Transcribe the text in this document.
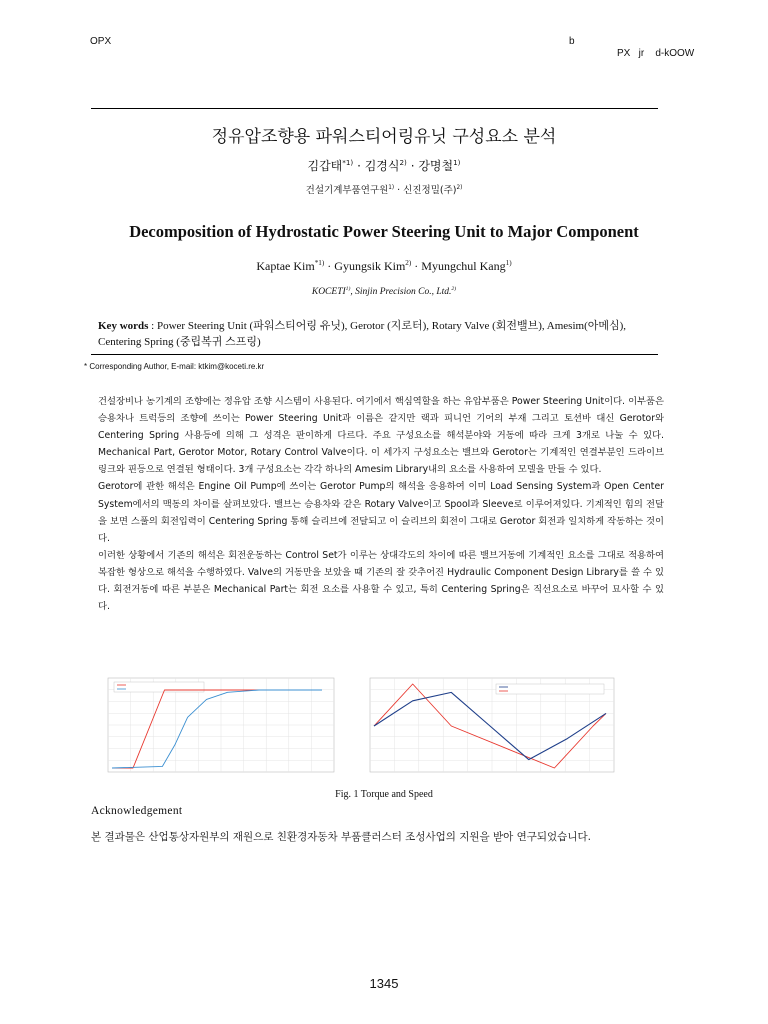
OPX	b
PX   jr    d-kOOW
정유압조향용 파워스티어링유닛 구성요소 분석
김갑태$^{*1)}$ · 김경식$^{2)}$ · 강명철$^{1)}$
건설기계부품연구원$^{1)}$ · 신진정밀(주)$^{2)}$
Decomposition of Hydrostatic Power Steering Unit to Major Component
Kaptae Kim$^{*1)}$ · Gyungsik Kim$^{2)}$ · Myungchul Kang$^{1)}$
KOCETI$^{1)}$, Sinjin Precision Co., Ltd.$^{2)}$
Key words : Power Steering Unit (파워스티어링 유닛), Gerotor (지로터), Rotary Valve (회전밸브), Amesim(아메심), Centering Spring (중립복귀 스프링)
* Corresponding Author, E-mail: ktkim@koceti.re.kr

건설장비나 농기계의 조향에는 정유압 조향 시스템이 사용된다. 여기에서 핵심역할을 하는 유압부품은 Power Steering Unit이다. 이부품은 승용차나 트럭등의 조향에 쓰이는 Power Steering Unit과 이름은 같지만 랙과 피니언 기어의 부재 그리고 토션바 대신 Gerotor와 Centering Spring 사용등에 의해 그 성격은 판이하게 다르다. 주요 구성요소를 해석분야와 거동에 따라 크게 3개로 나눌 수 있다. Mechanical Part, Gerotor Motor, Rotary Control Valve이다. 이 세가지 구성요소는 밸브와 Gerotor는 기계적인 연결부분인 드라이브링크와 핀등으로 연결된 형태이다. 3개 구성요소는 각각 하나의 Amesim Library내의 요소를 사용하여 모델을 만들 수 있다.

Gerotor에 관한 해석은 Engine Oil Pump에 쓰이는 Gerotor Pump의 해석을 응용하여 이미 Load Sensing System과 Open Center System에서의 맥동의 차이를 살펴보았다. 밸브는 승용차와 같은 Rotary Valve이고 Spool과 Sleeve로 이루어져있다. 기계적인 힘의 전달을 보면 스풀의 회전입력이 Centering Spring 통해 슬리브에 전달되고 이 슬리브의 회전이 그대로 Gerotor 회전과 일치하게 작동하는 것이다.

이러한 상황에서 기존의 해석은 회전운동하는 Control Set가 이루는 상대각도의 차이에 따른 밸브거동에 기계적인 요소를 그대로 적용하여 복잡한 형상으로 해석을 수행하였다. Valve의 거동만을 보았을 때 기존의 잘 갖추어진 Hydraulic Component Design Library를 쓸 수 있다. 회전거동에 따른 부분은 Mechanical Part는 회전 요소를 사용할 수 있고, 특히 Centering Spring은 직선요소로 바꾸어 묘사할 수 있다.

Fig. 1 Torque and Speed
Acknowledgement
본 결과물은 산업통상자원부의 재원으로 친환경자동차 부품클러스터 조성사업의 지원을 받아 연구되었습니다.
1345
